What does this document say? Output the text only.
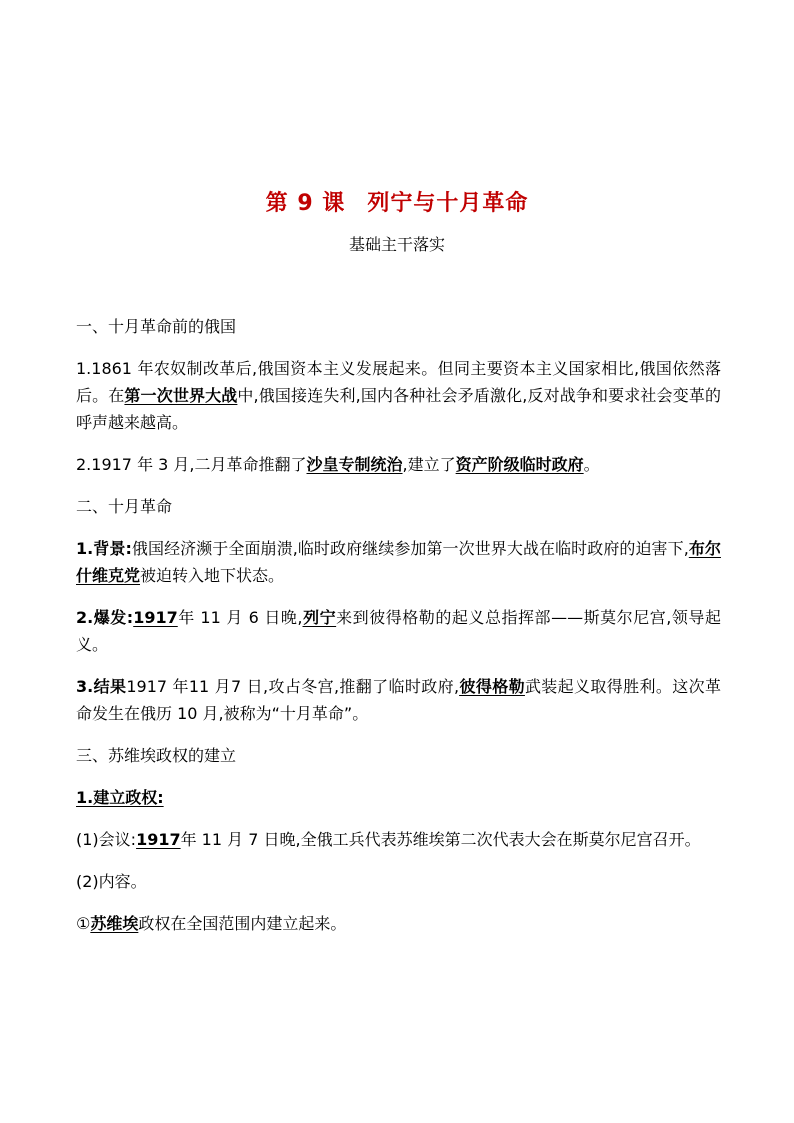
第 9 课 列宁与十月革命
基础主干落实
一、十月革命前的俄国

1.1861 年农奴制改革后,俄国资本主义发展起来。但同主要资本主义国家相比,俄国依然落后。在第一次世界大战中,俄国接连失利,国内各种社会矛盾激化,反对战争和要求社会变革的呼声越来越高。

2.1917 年 3 月,二月革命推翻了沙皇专制统治,建立了资产阶级临时政府。

二、十月革命

1.背景:俄国经济濒于全面崩溃,临时政府继续参加第一次世界大战在临时政府的迫害下,布尔什维克党被迫转入地下状态。

2.爆发:1917年 11 月 6 日晚,列宁来到彼得格勒的起义总指挥部——斯莫尔尼宫,领导起义。

3.结果1917 年11 月7 日,攻占冬宫,推翻了临时政府,彼得格勒武装起义取得胜利。这次革命发生在俄历 10 月,被称为“十月革命”。

三、苏维埃政权的建立

1.建立政权:

(1)会议:1917年 11 月 7 日晚,全俄工兵代表苏维埃第二次代表大会在斯莫尔尼宫召开。

(2)内容。

①苏维埃政权在全国范围内建立起来。
